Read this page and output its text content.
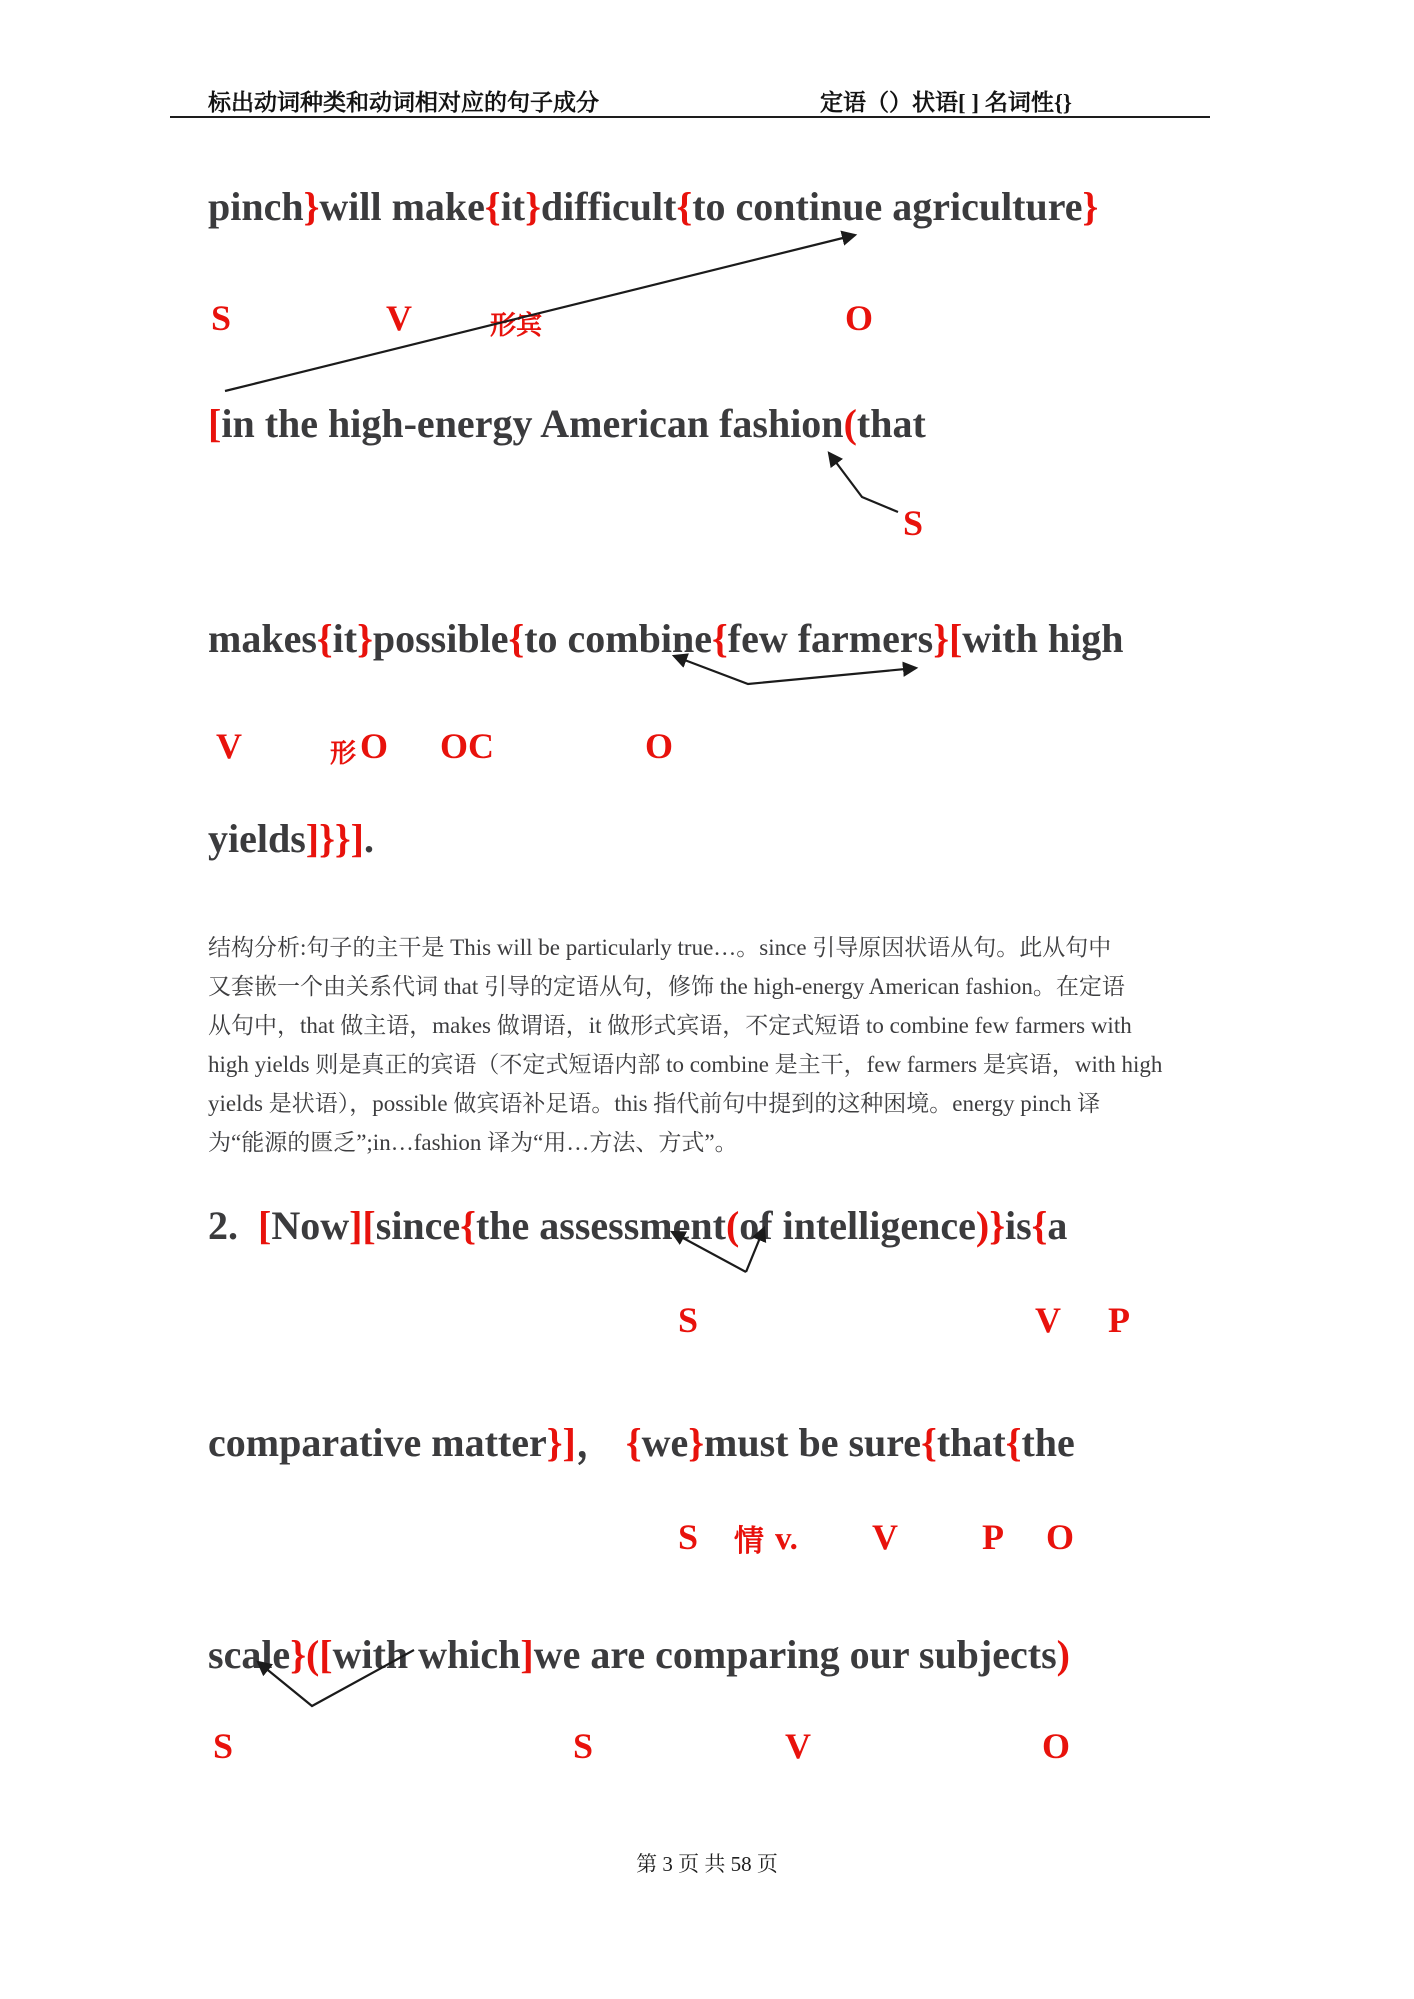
标出动词种类和动词相对应的句子成分	定语（）状语[ ] 名词性{}
pinch}will make{it}difficult{to continue agriculture}
S	V	形宾	O
[in the high-energy American fashion(that
S
makes{it}possible{to combine{few farmers}[with high
V	形 O OC	O
yields]}}].
结构分析:句子的主干是 This will be particularly true…。since 引导原因状语从句。此从句中
又套嵌一个由关系代词 that 引导的定语从句，修饰 the high-energy American fashion。在定语
从句中，that 做主语，makes 做谓语，it 做形式宾语，不定式短语 to combine few farmers with
high yields 则是真正的宾语（不定式短语内部 to combine 是主干，few farmers 是宾语，with high
yields 是状语），possible 做宾语补足语。this 指代前句中提到的这种困境。energy pinch 译
为“能源的匮乏”;in…fashion 译为“用…方法、方式”。
2.  [Now][since{the assessment(of intelligence)}is{a
S	V P
comparative matter}]， {we}must be sure{that{the
S 情 v. V P O
scale}([with which]we are comparing our subjects)
S	S	V	O
第 3 页 共 58 页
